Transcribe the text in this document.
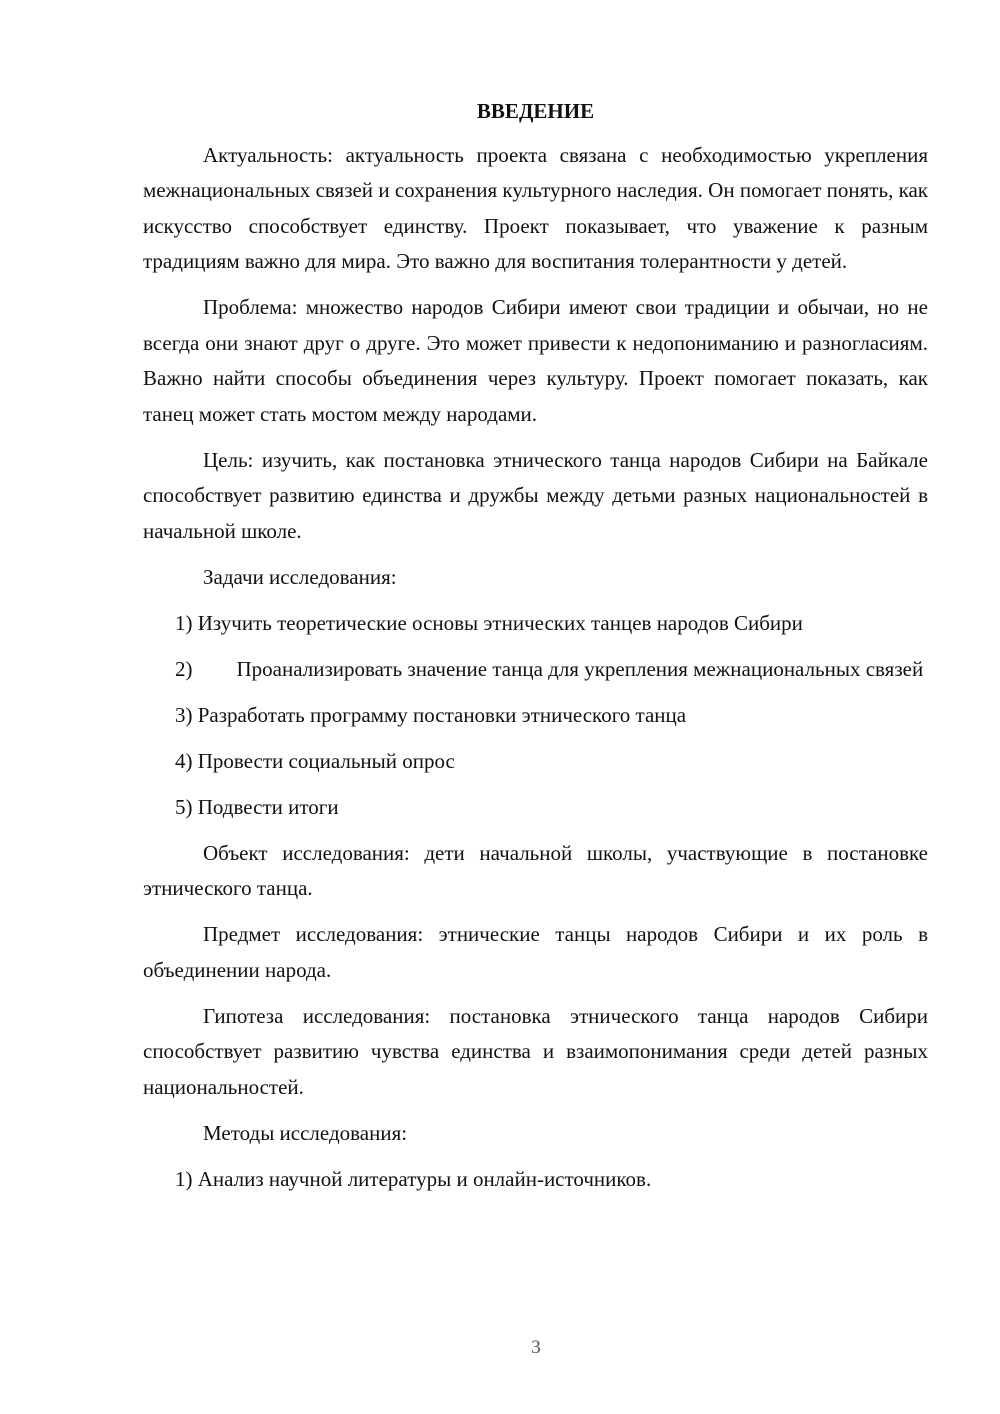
ВВЕДЕНИЕ

Актуальность: актуальность проекта связана с необходимостью укрепления межнациональных связей и сохранения культурного наследия. Он помогает понять, как искусство способствует единству. Проект показывает, что уважение к разным традициям важно для мира. Это важно для воспитания толерантности у детей.

Проблема: множество народов Сибири имеют свои традиции и обычаи, но не всегда они знают друг о друге. Это может привести к недопониманию и разногласиям. Важно найти способы объединения через культуру. Проект помогает показать, как танец может стать мостом между народами.

Цель: изучить, как постановка этнического танца народов Сибири на Байкале способствует развитию единства и дружбы между детьми разных национальностей в начальной школе.

Задачи исследования:

1) Изучить теоретические основы этнических танцев народов Сибири

2) Проанализировать значение танца для укрепления межнациональных связей

3) Разработать программу постановки этнического танца

4) Провести социальный опрос

5) Подвести итоги

Объект исследования: дети начальной школы, участвующие в постановке этнического танца.

Предмет исследования: этнические танцы народов Сибири и их роль в объединении народа.

Гипотеза исследования: постановка этнического танца народов Сибири способствует развитию чувства единства и взаимопонимания среди детей разных национальностей.

Методы исследования:

1) Анализ научной литературы и онлайн-источников.

3
